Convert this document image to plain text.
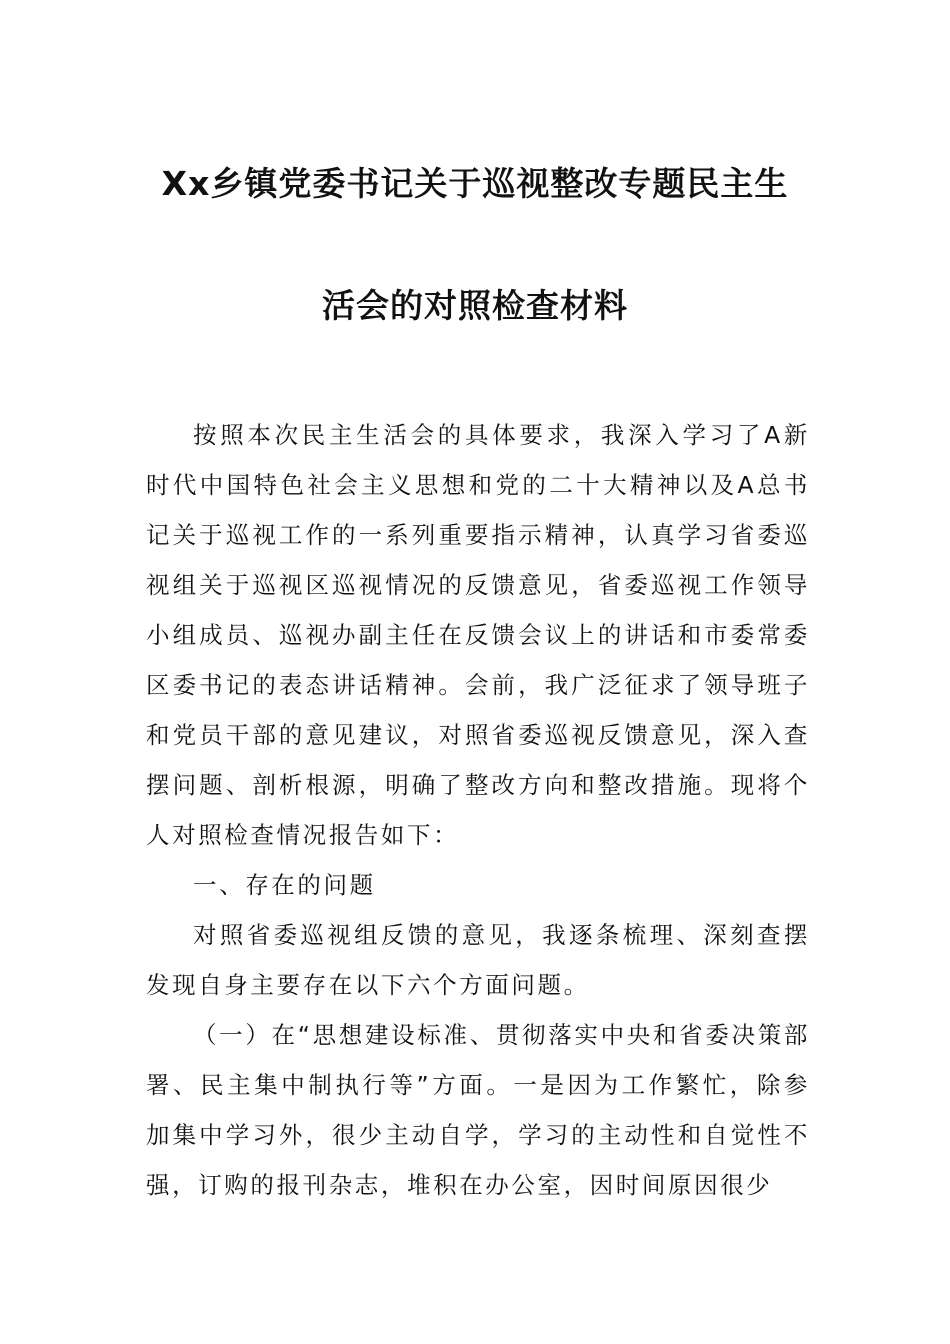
Xx乡镇党委书记关于巡视整改专题民主生
活会的对照检查材料

按照本次民主生活会的具体要求，我深入学习了A新时代中国特色社会主义思想和党的二十大精神以及A总书记关于巡视工作的一系列重要指示精神，认真学习省委巡视组关于巡视区巡视情况的反馈意见，省委巡视工作领导小组成员、巡视办副主任在反馈会议上的讲话和市委常委区委书记的表态讲话精神。会前，我广泛征求了领导班子和党员干部的意见建议，对照省委巡视反馈意见，深入查摆问题、剖析根源，明确了整改方向和整改措施。现将个人对照检查情况报告如下：

一、存在的问题

对照省委巡视组反馈的意见，我逐条梳理、深刻查摆发现自身主要存在以下六个方面问题。

（一）在“思想建设标准、贯彻落实中央和省委决策部署、民主集中制执行等”方面。一是因为工作繁忙，除参加集中学习外，很少主动自学，学习的主动性和自觉性不强，订购的报刊杂志，堆积在办公室，因时间原因很少
